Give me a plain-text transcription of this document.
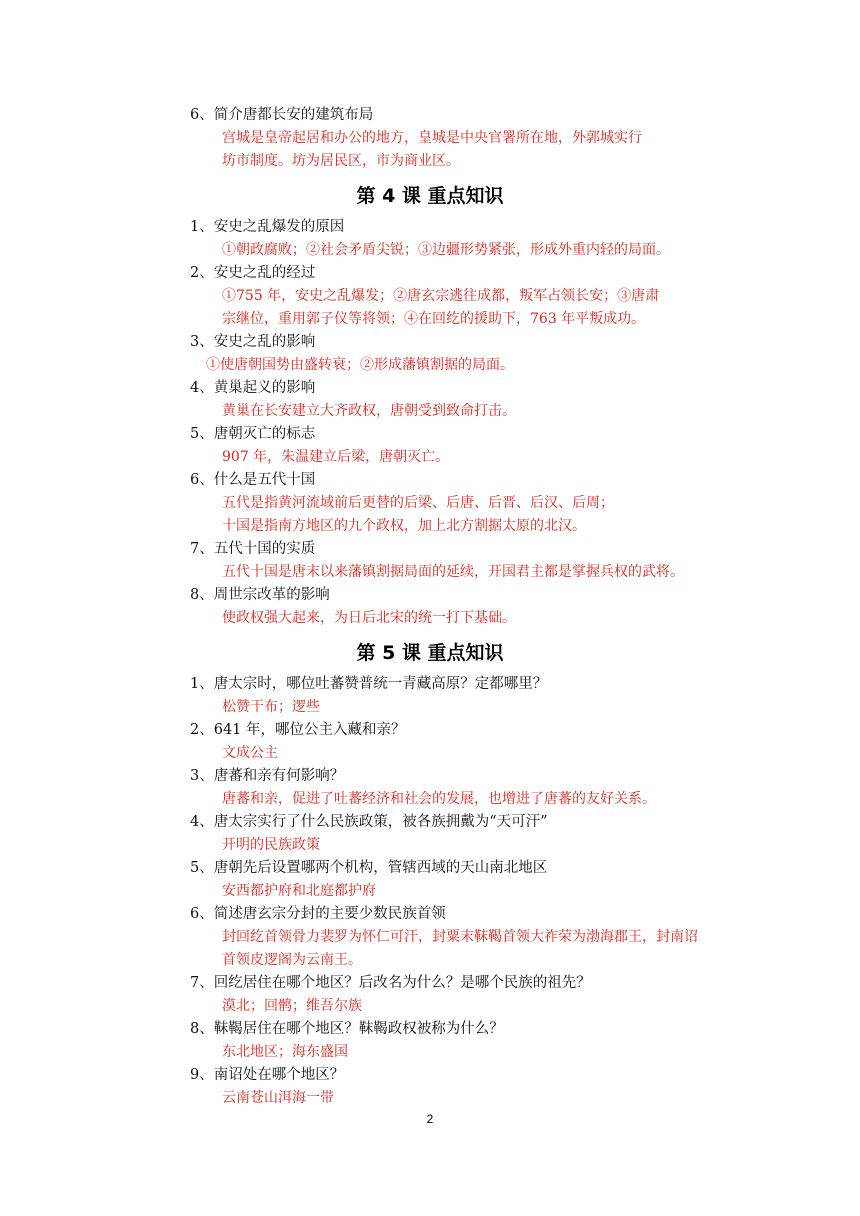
6、简介唐都长安的建筑布局
宫城是皇帝起居和办公的地方，皇城是中央官署所在地，外郭城实行
坊市制度。坊为居民区，市为商业区。
第 4 课 重点知识
1、安史之乱爆发的原因
①朝政腐败；②社会矛盾尖锐；③边疆形势紧张，形成外重内轻的局面。
2、安史之乱的经过
①755 年，安史之乱爆发；②唐玄宗逃往成都，叛军占领长安；③唐肃
宗继位，重用郭子仪等将领；④在回纥的援助下，763 年平叛成功。
3、安史之乱的影响
①使唐朝国势由盛转衰；②形成藩镇割据的局面。
4、黄巢起义的影响
黄巢在长安建立大齐政权，唐朝受到致命打击。
5、唐朝灭亡的标志
907 年，朱温建立后梁，唐朝灭亡。
6、什么是五代十国
五代是指黄河流域前后更替的后梁、后唐、后晋、后汉、后周；
十国是指南方地区的九个政权，加上北方割据太原的北汉。
7、五代十国的实质
五代十国是唐末以来藩镇割据局面的延续，开国君主都是掌握兵权的武将。
8、周世宗改革的影响
使政权强大起来，为日后北宋的统一打下基础。
第 5 课 重点知识
1、唐太宗时，哪位吐蕃赞普统一青藏高原？定都哪里？
松赞干布；逻些
2、641 年，哪位公主入藏和亲？
文成公主
3、唐蕃和亲有何影响？
唐蕃和亲，促进了吐蕃经济和社会的发展，也增进了唐蕃的友好关系。
4、唐太宗实行了什么民族政策，被各族拥戴为“天可汗”
开明的民族政策
5、唐朝先后设置哪两个机构，管辖西域的天山南北地区
安西都护府和北庭都护府
6、简述唐玄宗分封的主要少数民族首领
封回纥首领骨力裴罗为怀仁可汗，封粟末靺鞨首领大祚荣为渤海郡王，封南诏
首领皮逻阁为云南王。
7、回纥居住在哪个地区？后改名为什么？是哪个民族的祖先？
漠北；回鹘；维吾尔族
8、靺鞨居住在哪个地区？靺鞨政权被称为什么？
东北地区；海东盛国
9、南诏处在哪个地区？
云南苍山洱海一带
2
